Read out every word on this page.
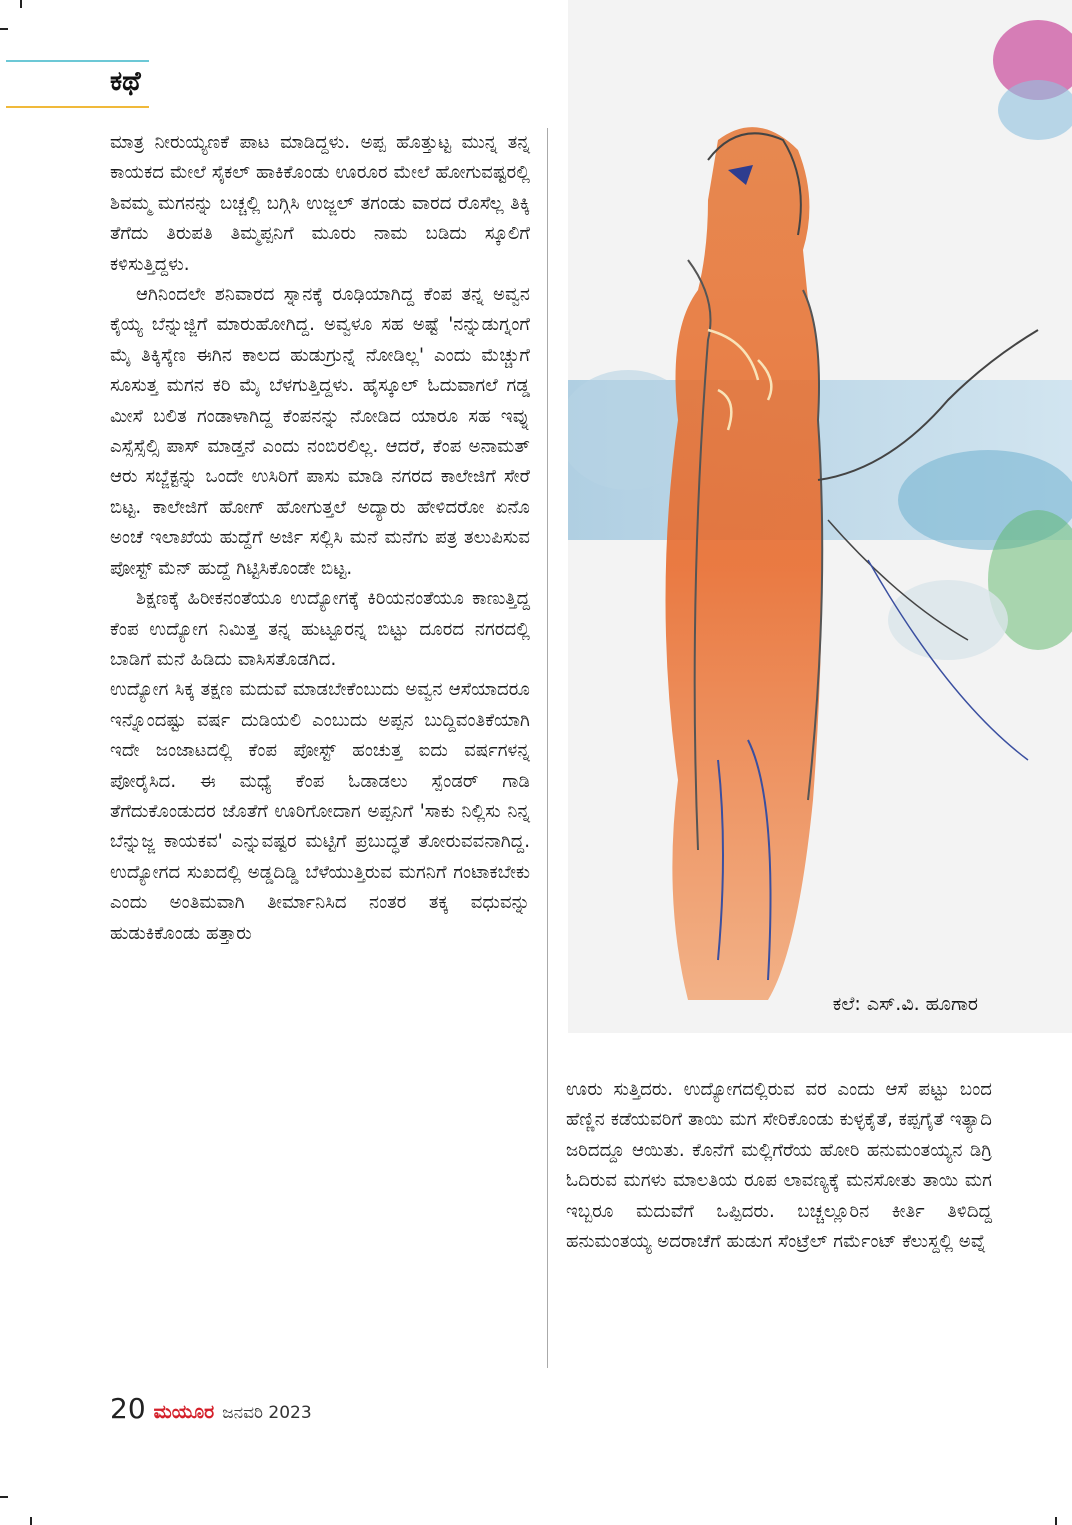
ಕಥೆ

ಮಾತ್ರ ನೀರುಯ್ಯಣಕೆ ಪಾಟ ಮಾಡಿದ್ದಳು. ಅಪ್ಪ ಹೊತ್ತುಟ್ಟ ಮುನ್ನ ತನ್ನ ಕಾಯಕದ ಮೇಲೆ ಸೈಕಲ್ ಹಾಕಿಕೊಂಡು ಊರೂರ ಮೇಲೆ ಹೋಗುವಷ್ಟರಲ್ಲಿ ಶಿವಮ್ಮ ಮಗನನ್ನು ಬಚ್ಚಲ್ಲಿ ಬಗ್ಗಿಸಿ ಉಜ್ಜಲ್ ತಗಂಡು ವಾರದ ರೊಸೆಲ್ಲ ತಿಕ್ಕಿ ತೆಗೆದು ತಿರುಪತಿ ತಿಮ್ಮಪ್ಪನಿಗೆ ಮೂರು ನಾಮ ಬಡಿದು ಸ್ಕೂಲಿಗೆ ಕಳಿಸುತ್ತಿದ್ದಳು.

ಆಗಿನಿಂದಲೇ ಶನಿವಾರದ ಸ್ನಾನಕ್ಕೆ ರೂಢಿಯಾಗಿದ್ದ ಕೆಂಪ ತನ್ನ ಅವ್ವನ ಕೈಯ್ಯ ಬೆನ್ನುಜ್ಜಿಗೆ ಮಾರುಹೋಗಿದ್ದ. ಅವ್ವಳೂ ಸಹ ಅಷ್ಟೆ 'ನನ್ನುಡುಗ್ನಂಗೆ ಮೈ ತಿಕ್ಕಿಸ್ಕೆಣ ಈಗಿನ ಕಾಲದ ಹುಡುಗ್ರುನ್ನೆ ನೋಡಿಲ್ಲ' ಎಂದು ಮೆಚ್ಚುಗೆ ಸೂಸುತ್ತ ಮಗನ ಕರಿ ಮೈ ಬೆಳಗುತ್ತಿದ್ದಳು. ಹೈಸ್ಕೂಲ್ ಓದುವಾಗಲೆ ಗಡ್ಡ ಮೀಸೆ ಬಲಿತ ಗಂಡಾಳಾಗಿದ್ದ ಕೆಂಪನನ್ನು ನೋಡಿದ ಯಾರೂ ಸಹ ಇವ್ನು ಎಸ್ಸೆಸ್ಸೆಲ್ಸಿ ಪಾಸ್ ಮಾಡ್ತನೆ ಎಂದು ನಂಬಿರಲಿಲ್ಲ. ಆದರೆ, ಕೆಂಪ ಅನಾಮತ್ ಆರು ಸಬ್ಜೆಕ್ಟನ್ನು ಒಂದೇ ಉಸಿರಿಗೆ ಪಾಸು ಮಾಡಿ ನಗರದ ಕಾಲೇಜಿಗೆ ಸೇರೆ ಬಿಟ್ಟ. ಕಾಲೇಜಿಗೆ ಹೋಗ್ ಹೋಗುತ್ತಲೆ ಅದ್ಯಾರು ಹೇಳಿದರೋ ಏನೊ ಅಂಚೆ ಇಲಾಖೆಯ ಹುದ್ದೆಗೆ ಅರ್ಜಿ ಸಲ್ಲಿಸಿ ಮನೆ ಮನೆಗು ಪತ್ರ ತಲುಪಿಸುವ ಪೋಸ್ಟ್ ಮೆನ್ ಹುದ್ದೆ ಗಿಟ್ಟಿಸಿಕೊಂಡೇ ಬಿಟ್ಟ.

ಶಿಕ್ಷಣಕ್ಕೆ ಹಿರೀಕನಂತೆಯೂ ಉದ್ಯೋಗಕ್ಕೆ ಕಿರಿಯನಂತೆಯೂ ಕಾಣುತ್ತಿದ್ದ ಕೆಂಪ ಉದ್ಯೋಗ ನಿಮಿತ್ತ ತನ್ನ ಹುಟ್ಟೂರನ್ನ ಬಿಟ್ಟು ದೂರದ ನಗರದಲ್ಲಿ ಬಾಡಿಗೆ ಮನೆ ಹಿಡಿದು ವಾಸಿಸತೊಡಗಿದ.

ಉದ್ಯೋಗ ಸಿಕ್ಕ ತಕ್ಷಣ ಮದುವೆ ಮಾಡಬೇಕೆಂಬುದು ಅವ್ವನ ಆಸೆಯಾದರೂ ಇನ್ನೊಂದಷ್ಟು ವರ್ಷ ದುಡಿಯಲಿ ಎಂಬುದು ಅಪ್ಪನ ಬುದ್ದಿವಂತಿಕೆಯಾಗಿ ಇದೇ ಜಂಜಾಟದಲ್ಲಿ ಕೆಂಪ ಪೋಸ್ಟ್ ಹಂಚುತ್ತ ಐದು ವರ್ಷಗಳನ್ನ ಪೋರೈಸಿದ. ಈ ಮಧ್ಯೆ ಕೆಂಪ ಓಡಾಡಲು ಸ್ಪೆಂಡರ್ ಗಾಡಿ ತೆಗೆದುಕೊಂಡುದರ ಜೊತೆಗೆ ಊರಿಗೋದಾಗ ಅಪ್ಪನಿಗೆ 'ಸಾಕು ನಿಲ್ಲಿಸು ನಿನ್ನ ಬೆನ್ನುಜ್ಜ ಕಾಯಕವ' ಎನ್ನುವಷ್ಟರ ಮಟ್ಟಿಗೆ ಪ್ರಬುದ್ಧತೆ ತೋರುವವನಾಗಿದ್ದ. ಉದ್ಯೋಗದ ಸುಖದಲ್ಲಿ ಅಡ್ಡದಿಡ್ಡಿ ಬೆಳೆಯುತ್ತಿರುವ ಮಗನಿಗೆ ಗಂಟಾಕಬೇಕು ಎಂದು ಅಂತಿಮವಾಗಿ ತೀರ್ಮಾನಿಸಿದ ನಂತರ ತಕ್ಕ ವಧುವನ್ನು ಹುಡುಕಿಕೊಂಡು ಹತ್ತಾರು

ಕಲೆ: ಎಸ್.ವಿ. ಹೂಗಾರ

ಊರು ಸುತ್ತಿದರು. ಉದ್ಯೋಗದಲ್ಲಿರುವ ವರ ಎಂದು ಆಸೆ ಪಟ್ಟು ಬಂದ ಹೆಣ್ಣಿನ ಕಡೆಯವರಿಗೆ ತಾಯಿ ಮಗ ಸೇರಿಕೊಂಡು ಕುಳ್ಳಕೈತೆ, ಕಪ್ಪಗೈತೆ ಇತ್ಯಾದಿ ಜರಿದದ್ದೂ ಆಯಿತು. ಕೊನೆಗೆ ಮಲ್ಲಿಗೆರೆಯ ಹೋರಿ ಹನುಮಂತಯ್ಯನ ಡಿಗ್ರಿ ಓದಿರುವ ಮಗಳು ಮಾಲತಿಯ ರೂಪ ಲಾವಣ್ಯಕ್ಕೆ ಮನಸೋತು ತಾಯಿ ಮಗ ಇಬ್ಬರೂ ಮದುವೆಗೆ ಒಪ್ಪಿದರು. ಬಚ್ಚಲ್ಲೂರಿನ ಕೀರ್ತಿ ತಿಳಿದಿದ್ದ ಹನುಮಂತಯ್ಯ ಅದರಾಚೆಗೆ ಹುಡುಗ ಸೆಂಟ್ರೆಲ್ ಗರ್ಮೆಂಟ್ ಕೆಲುಸ್ದಲ್ಲಿ ಅವ್ನೆ

20 ಮಯೂರ ಜನವರಿ 2023
